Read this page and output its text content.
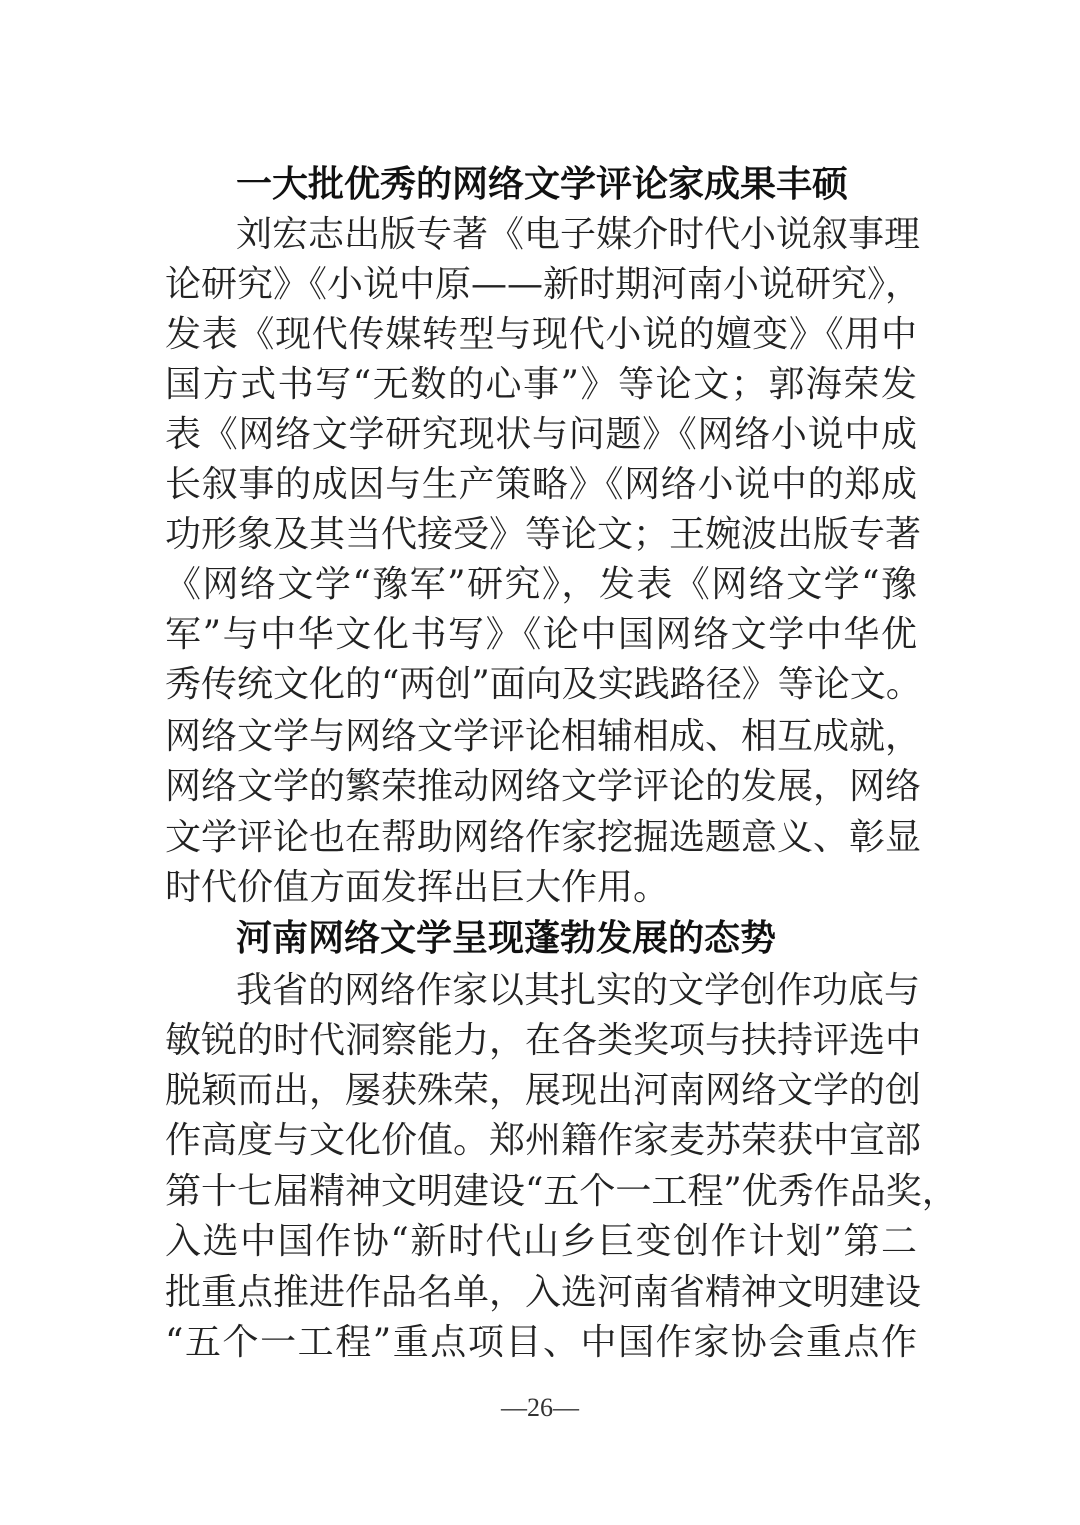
一大批优秀的网络文学评论家成果丰硕
刘宏志出版专著《电子媒介时代小说叙事理
论研究》《小说中原——新时期河南小说研究》，
发表《现代传媒转型与现代小说的嬗变》《用中
国方式书写“无数的心事”》等论文；郭海荣发
表《网络文学研究现状与问题》《网络小说中成
长叙事的成因与生产策略》《网络小说中的郑成
功形象及其当代接受》等论文；王婉波出版专著
《网络文学“豫军”研究》，发表《网络文学“豫
军”与中华文化书写》《论中国网络文学中华优
秀传统文化的“两创”面向及实践路径》等论文。
网络文学与网络文学评论相辅相成、相互成就，
网络文学的繁荣推动网络文学评论的发展，网络
文学评论也在帮助网络作家挖掘选题意义、彰显
时代价值方面发挥出巨大作用。
河南网络文学呈现蓬勃发展的态势
我省的网络作家以其扎实的文学创作功底与
敏锐的时代洞察能力，在各类奖项与扶持评选中
脱颖而出，屡获殊荣，展现出河南网络文学的创
作高度与文化价值。郑州籍作家麦苏荣获中宣部
第十七届精神文明建设“五个一工程”优秀作品奖，
入选中国作协“新时代山乡巨变创作计划”第二
批重点推进作品名单，入选河南省精神文明建设
“五个一工程”重点项目、中国作家协会重点作
—26—
